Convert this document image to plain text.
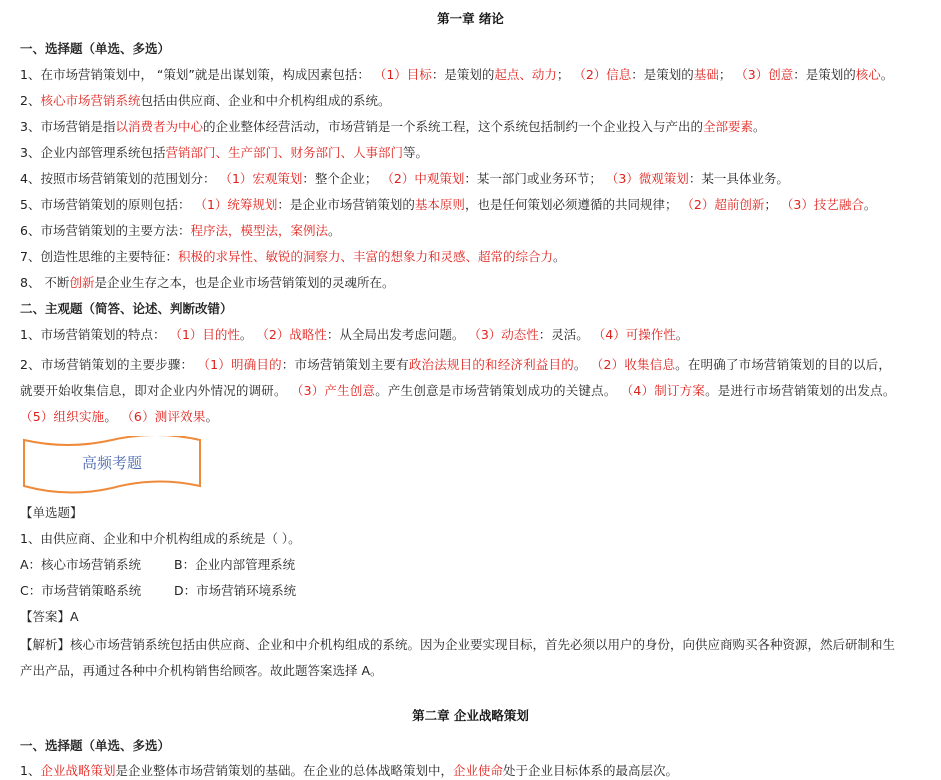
第一章 绪论
一、选择题（单选、多选）
1、在市场营销策划中， “策划”就是出谋划策，构成因素包括： （1）目标：是策划的起点、动力； （2）信息：是策划的基础； （3）创意：是策划的核心。
2、核心市场营销系统包括由供应商、企业和中介机构组成的系统。
3、市场营销是指以消费者为中心的企业整体经营活动，市场营销是一个系统工程，这个系统包括制约一个企业投入与产出的全部要素。
3、企业内部管理系统包括营销部门、生产部门、财务部门、人事部门等。
4、按照市场营销策划的范围划分： （1）宏观策划：整个企业； （2）中观策划：某一部门或业务环节； （3）微观策划：某一具体业务。
5、市场营销策划的原则包括： （1）统筹规划：是企业市场营销策划的基本原则，也是任何策划必须遵循的共同规律； （2）超前创新； （3）技艺融合。
6、市场营销策划的主要方法：程序法，模型法，案例法。
7、创造性思维的主要特征：积极的求异性、敏锐的洞察力、丰富的想象力和灵感、超常的综合力。
8、 不断创新是企业生存之本，也是企业市场营销策划的灵魂所在。
二、主观题（简答、论述、判断改错）
1、市场营销策划的特点： （1）目的性。 （2）战略性：从全局出发考虑问题。 （3）动态性：灵活。 （4）可操作性。
2、市场营销策划的主要步骤： （1）明确目的：市场营销策划主要有政治法规目的和经济利益目的。 （2）收集信息。在明确了市场营销策划的目的以后，就要开始收集信息，即对企业内外情况的调研。 （3）产生创意。产生创意是市场营销策划成功的关键点。 （4）制订方案。是进行市场营销策划的出发点。 （5）组织实施。 （6）测评效果。
高频考题
【单选题】
1、由供应商、企业和中介机构组成的系统是（ ）。
A：核心市场营销系统	B：企业内部管理系统
C：市场营销策略系统	D：市场营销环境系统
【答案】A
【解析】核心市场营销系统包括由供应商、企业和中介机构组成的系统。因为企业要实现目标，首先必须以用户的身份，向供应商购买各种资源，然后研制和生产出产品，再通过各种中介机构销售给顾客。故此题答案选择 A。
第二章 企业战略策划
一、选择题（单选、多选）
1、企业战略策划是企业整体市场营销策划的基础。在企业的总体战略策划中，企业使命处于企业目标体系的最高层次。
